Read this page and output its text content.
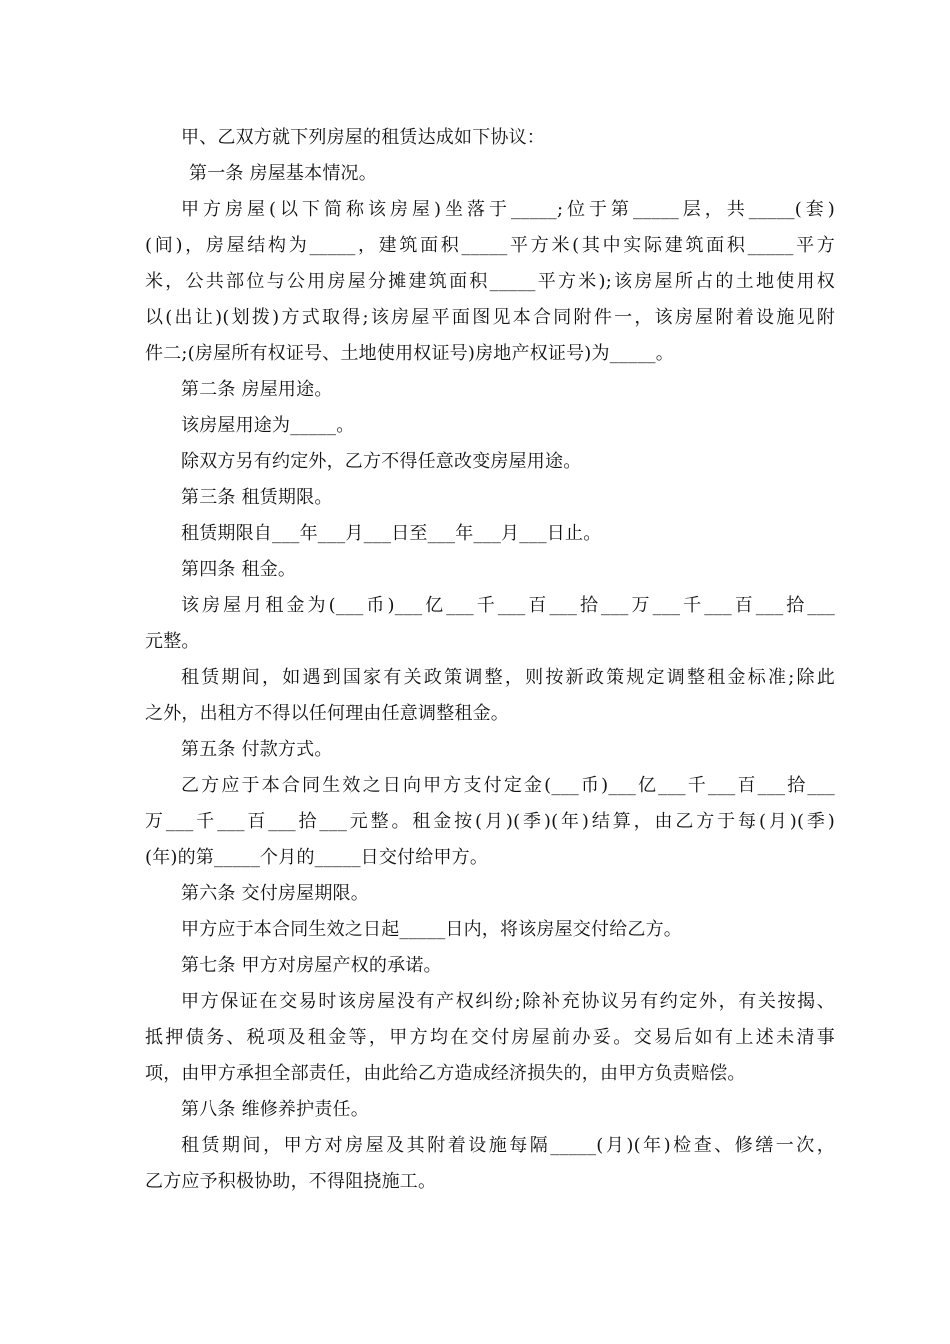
甲、乙双方就下列房屋的租赁达成如下协议：
第一条 房屋基本情况。
甲方房屋(以下简称该房屋)坐落于_____;位于第_____层，共_____(套)
(间)，房屋结构为_____，建筑面积_____平方米(其中实际建筑面积_____平方
米，公共部位与公用房屋分摊建筑面积_____平方米);该房屋所占的土地使用权
以(出让)(划拨)方式取得;该房屋平面图见本合同附件一，该房屋附着设施见附
件二;(房屋所有权证号、土地使用权证号)房地产权证号)为_____。
第二条 房屋用途。
该房屋用途为_____。
除双方另有约定外，乙方不得任意改变房屋用途。
第三条 租赁期限。
租赁期限自___年___月___日至___年___月___日止。
第四条 租金。
该房屋月租金为(___币)___亿___千___百___拾___万___千___百___拾___
元整。
租赁期间，如遇到国家有关政策调整，则按新政策规定调整租金标准;除此
之外，出租方不得以任何理由任意调整租金。
第五条 付款方式。
乙方应于本合同生效之日向甲方支付定金(___币)___亿___千___百___拾___
万___千___百___拾___元整。租金按(月)(季)(年)结算，由乙方于每(月)(季)
(年)的第_____个月的_____日交付给甲方。
第六条 交付房屋期限。
甲方应于本合同生效之日起_____日内，将该房屋交付给乙方。
第七条 甲方对房屋产权的承诺。
甲方保证在交易时该房屋没有产权纠纷;除补充协议另有约定外，有关按揭、
抵押债务、税项及租金等，甲方均在交付房屋前办妥。交易后如有上述未清事
项，由甲方承担全部责任，由此给乙方造成经济损失的，由甲方负责赔偿。
第八条 维修养护责任。
租赁期间，甲方对房屋及其附着设施每隔_____(月)(年)检查、修缮一次，
乙方应予积极协助，不得阻挠施工。
